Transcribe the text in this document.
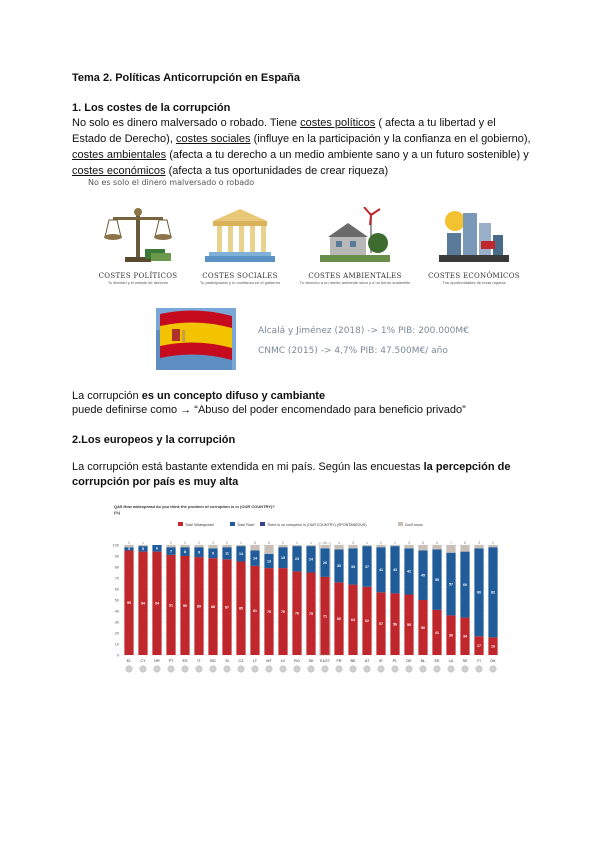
Tema 2. Políticas Anticorrupción en España
1. Los costes de la corrupción
No solo es dinero malversado o robado. Tiene costes políticos ( afecta a tu libertad y el Estado de Derecho), costes sociales (influye en la participación y la confianza en el gobierno), costes ambientales (afecta a tu derecho a un medio ambiente sano y a un futuro sostenible) y costes económicos (afecta a tus oportunidades de crear riqueza)
No es solo el dinero malversado o robado
COSTES POLÍTICOS
Tu libertad y el estado de derecho
COSTES SOCIALES
Tu participación y tu confianza en el gobierno
COSTES AMBIENTALES
Tu derecho a un medio ambiente sano y a un futuro sostenible
COSTES ECONÓMICOS
Tus oportunidades de crear riqueza
Alcalá y Jiménez (2018) -> 1% PIB: 200.000M€
CNMC (2015) -> 4,7% PIB: 47.500M€/ año
La corrupción es un concepto difuso y cambiante
puede definirse como → “Abuso del poder encomendado para beneficio privado”
2.Los europeos y la corrupción
La corrupción está bastante extendida en mi país. Según las encuestas la percepción de corrupción por país es muy alta
QA5 How widespread do you think the problem of corruption is in (OUR COUNTRY)?
(%)
Total 'Widespread'	Total 'Rare'	There is no corruption in (OUR COUNTRY) (SPONTANEOUS)	Don't know
0
10
20
30
40
50
60
70
80
90
100
95
3
2
94
5
1
94
6
91
7
2
90
8
2
89
9
2
88
9
3
87
11
2
85
14
1
81
14
5
79
13
8
79
19
2
76
23
1
75
24
1
71
26
3
66
30
4
64
33
3
62
37
1
57
41
2
56
43
1
55
42
3
50
45
5
41
55
4
36
57
7
34
60
6
17
80
3
16
82
2
EL CY HR PT ES	IT	BG SI	CZ LT MT LV RO SK EU27 FR BE AT	IE	PL DE NL EE LU SE	FI	DK
